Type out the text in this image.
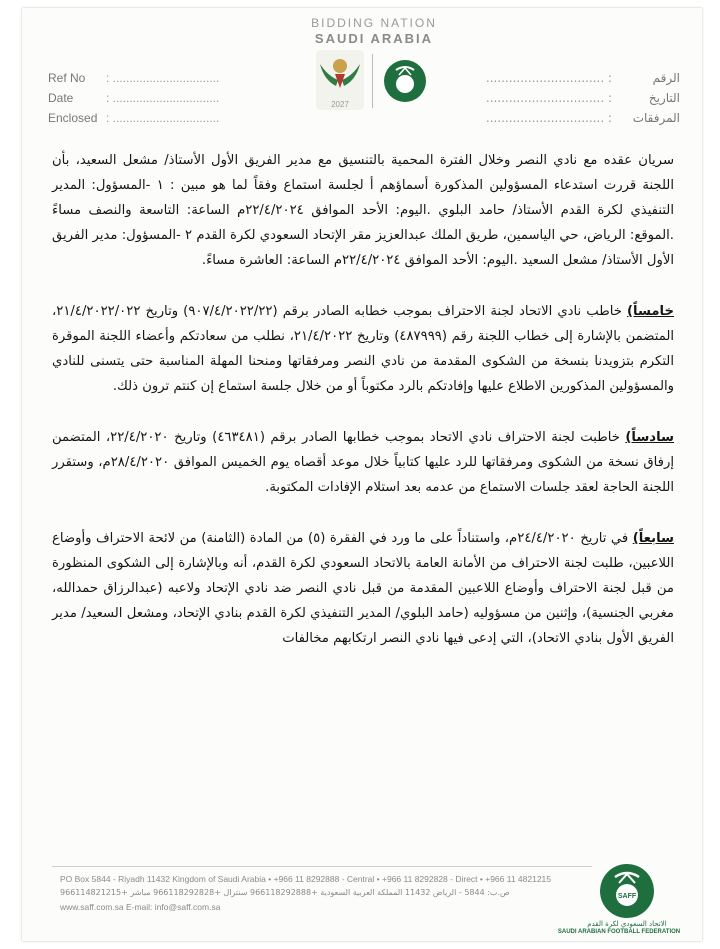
BIDDING NATION
SAUDI ARABIA
2027
Ref No : ................................
Date	: ................................
Enclosed : ................................
الرقم: ...............................
التاريخ: ...............................
المرفقات: ...............................

سريان عقده مع نادي النصر وخلال الفترة المحمية بالتنسيق مع مدير الفريق الأول الأستاذ/ مشعل السعيد، بأن اللجنة قررت استدعاء المسؤولين المذكورة أسماؤهم أ لجلسة استماع وفقاً لما هو مبين : ١ -المسؤول: المدير التنفيذي لكرة القدم الأستاذ/ حامد البلوي .اليوم: الأحد الموافق ٢٢/٤/٢٠٢٤م الساعة: التاسعة والنصف مساءً .الموقع: الرياض، حي الياسمين، طريق الملك عبدالعزيز مقر الإتحاد السعودي لكرة القدم ٢ -المسؤول: مدير الفريق الأول الأستاذ/ مشعل السعيد .اليوم: الأحد الموافق ٢٢/٤/٢٠٢٤م الساعة: العاشرة مساءً.

خامساً) خاطب نادي الاتحاد لجنة الاحتراف بموجب خطابه الصادر برقم (٩٠٧/٤/٢٠٢٢/٢٢) وتاريخ ٢١/٤/٢٠٢٢/٠٢٢، المتضمن بالإشارة إلى خطاب اللجنة رقم (٤٨٧٩٩٩) وتاريخ ٢١/٤/٢٠٢٢، نطلب من سعادتكم وأعضاء اللجنة الموقرة التكرم بتزويدنا بنسخة من الشكوى المقدمة من نادي النصر ومرفقاتها ومنحنا المهلة المناسبة حتى يتسنى للنادي والمسؤولين المذكورين الاطلاع عليها وإفادتكم بالرد مكتوباً أو من خلال جلسة استماع إن كنتم ترون ذلك.

سادساً) خاطبت لجنة الاحتراف نادي الاتحاد بموجب خطابها الصادر برقم (٤٦٣٤٨١) وتاريخ ٢٢/٤/٢٠٢٠، المتضمن إرفاق نسخة من الشكوى ومرفقاتها للرد عليها كتابياً خلال موعد أقصاه يوم الخميس الموافق ٢٨/٤/٢٠٢٠م، وستقرر اللجنة الحاجة لعقد جلسات الاستماع من عدمه بعد استلام الإفادات المكتوبة.

سابعاً) في تاريخ ٢٤/٤/٢٠٢٠م، واستناداً على ما ورد في الفقرة (٥) من المادة (الثامنة) من لائحة الاحتراف وأوضاع اللاعبين، طلبت لجنة الاحتراف من الأمانة العامة بالاتحاد السعودي لكرة القدم، أنه وبالإشارة إلى الشكوى المنظورة من قبل لجنة الاحتراف وأوضاع اللاعبين المقدمة من قبل نادي النصر ضد نادي الإتحاد ولاعبه (عبدالرزاق حمدالله، مغربي الجنسية)، وإثنين من مسؤوليه (حامد البلوي/ المدير التنفيذي لكرة القدم بنادي الإتحاد، ومشعل السعيد/ مدير الفريق الأول بنادي الاتحاد)، التي إدعى فيها نادي النصر ارتكابهم مخالفات

PO Box 5844 - Riyadh 11432 Kingdom of Saudi Arabia • +966 11 8292888 - Central • +966 11 8292828 - Direct • +966 11 4821215
ص.ب: 5844 - الرياض 11432 المملكة العربية السعودية +966118292888 سنترال +966118292828 مباشر +966114821215
www.saff.com.sa E-mail: info@saff.com.sa
SAFF
الاتحاد السعودي لكرة القدم
SAUDI ARABIAN FOOTBALL FEDERATION
